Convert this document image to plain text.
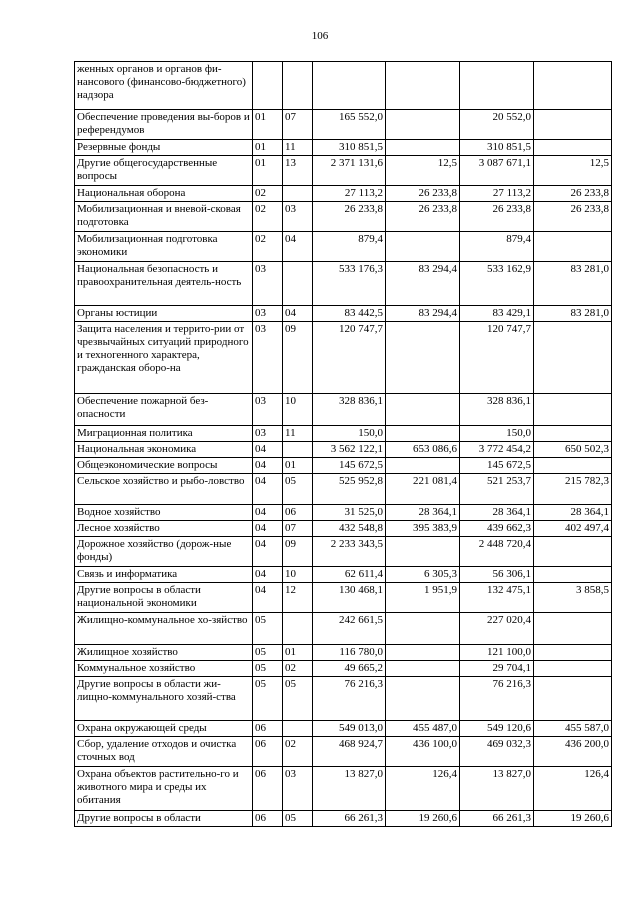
106
женных органов и органов фи-нансового (финансово-бюджетного) надзора						
Обеспечение проведения вы-боров и референдумов	01	07	165 552,0		20 552,0	
Резервные фонды	01	11	310 851,5		310 851,5	
Другие общегосударственные вопросы	01	13	2 371 131,6	12,5	3 087 671,1	12,5
Национальная оборона	02		27 113,2	26 233,8	27 113,2	26 233,8
Мобилизационная и вневой-сковая подготовка	02	03	26 233,8	26 233,8	26 233,8	26 233,8
Мобилизационная подготовка экономики	02	04	879,4		879,4	
Национальная безопасность и правоохранительная деятель-ность	03		533 176,3	83 294,4	533 162,9	83 281,0
Органы юстиции	03	04	83 442,5	83 294,4	83 429,1	83 281,0
Защита населения и террито-рии от чрезвычайных ситуаций природного и техногенного характера, гражданская оборо-на	03	09	120 747,7		120 747,7	
Обеспечение пожарной без-опасности	03	10	328 836,1		328 836,1	
Миграционная политика	03	11	150,0		150,0	
Национальная экономика	04		3 562 122,1	653 086,6	3 772 454,2	650 502,3
Общеэкономические вопросы	04	01	145 672,5		145 672,5	
Сельское хозяйство и рыбо-ловство	04	05	525 952,8	221 081,4	521 253,7	215 782,3
Водное хозяйство	04	06	31 525,0	28 364,1	28 364,1	28 364,1
Лесное хозяйство	04	07	432 548,8	395 383,9	439 662,3	402 497,4
Дорожное хозяйство (дорож-ные фонды)	04	09	2 233 343,5		2 448 720,4	
Связь и информатика	04	10	62 611,4	6 305,3	56 306,1	
Другие вопросы в области национальной экономики	04	12	130 468,1	1 951,9	132 475,1	3 858,5
Жилищно-коммунальное хо-зяйство	05		242 661,5		227 020,4	
Жилищное хозяйство	05	01	116 780,0		121 100,0	
Коммунальное хозяйство	05	02	49 665,2		29 704,1	
Другие вопросы в области жи-лищно-коммунального хозяй-ства	05	05	76 216,3		76 216,3	
Охрана окружающей среды	06		549 013,0	455 487,0	549 120,6	455 587,0
Сбор, удаление отходов и очистка сточных вод	06	02	468 924,7	436 100,0	469 032,3	436 200,0
Охрана объектов растительно-го и животного мира и среды их обитания	06	03	13 827,0	126,4	13 827,0	126,4
Другие вопросы в области	06	05	66 261,3	19 260,6	66 261,3	19 260,6
